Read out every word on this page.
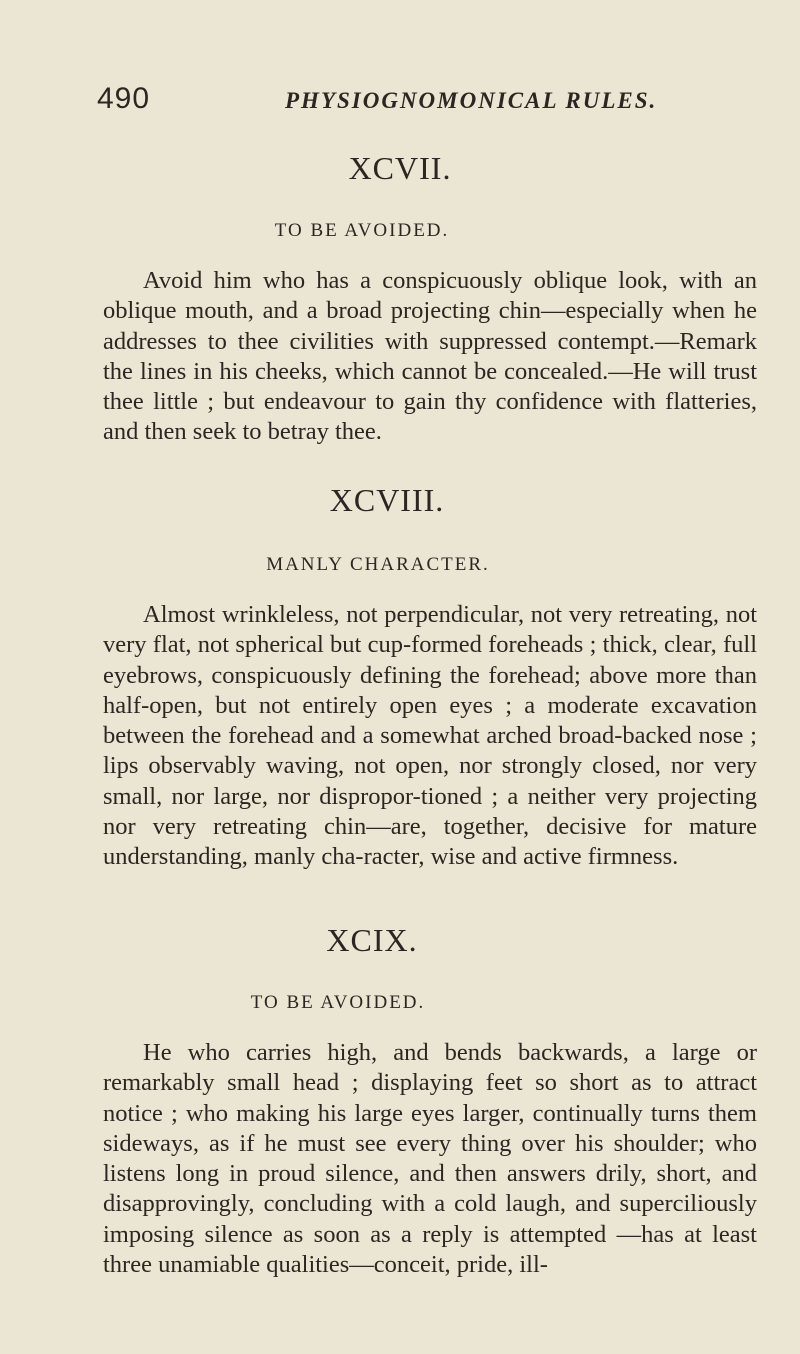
490	PHYSIOGNOMONICAL RULES.
XCVII.
TO BE AVOIDED.

Avoid him who has a conspicuously oblique look, with an oblique mouth, and a broad projecting chin—especially when he addresses to thee civilities with suppressed contempt.—Remark the lines in his cheeks, which cannot be concealed.—He will trust thee little ; but endeavour to gain thy confidence with flatteries, and then seek to betray thee.

XCVIII.
MANLY CHARACTER.

Almost wrinkleless, not perpendicular, not very retreating, not very flat, not spherical but cup-formed foreheads ; thick, clear, full eyebrows, conspicuously defining the forehead; above more than half-open, but not entirely open eyes ; a moderate excavation between the forehead and a somewhat arched broad-backed nose ; lips observably waving, not open, nor strongly closed, nor very small, nor large, nor dispropor-tioned ; a neither very projecting nor very retreating chin—are, together, decisive for mature understanding, manly cha-racter, wise and active firmness.

XCIX.
TO BE AVOIDED.

He who carries high, and bends backwards, a large or remarkably small head ; displaying feet so short as to attract notice ; who making his large eyes larger, continually turns them sideways, as if he must see every thing over his shoulder; who listens long in proud silence, and then answers drily, short, and disapprovingly, concluding with a cold laugh, and superciliously imposing silence as soon as a reply is attempted —has at least three unamiable qualities—conceit, pride, ill-
